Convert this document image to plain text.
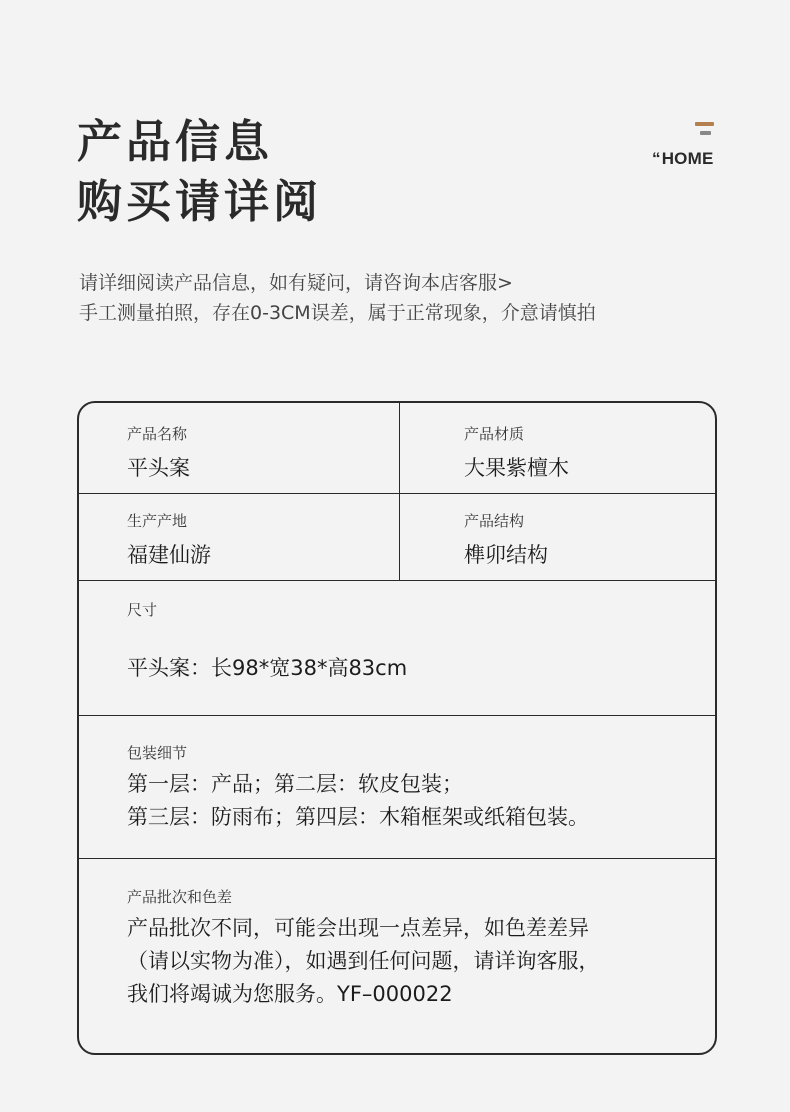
产品信息
购买请详阅
“HOME
请详细阅读产品信息，如有疑问，请咨询本店客服>
手工测量拍照，存在0-3CM误差，属于正常现象，介意请慎拍
产品名称
平头案
产品材质
大果紫檀木
生产产地
福建仙游
产品结构
榫卯结构
尺寸
平头案：长98*宽38*高83cm
包装细节
第一层：产品；第二层：软皮包装；
第三层：防雨布；第四层：木箱框架或纸箱包装。
产品批次和色差
产品批次不同，可能会出现一点差异，如色差差异
（请以实物为准），如遇到任何问题，请详询客服，
我们将竭诚为您服务。YF–000022
